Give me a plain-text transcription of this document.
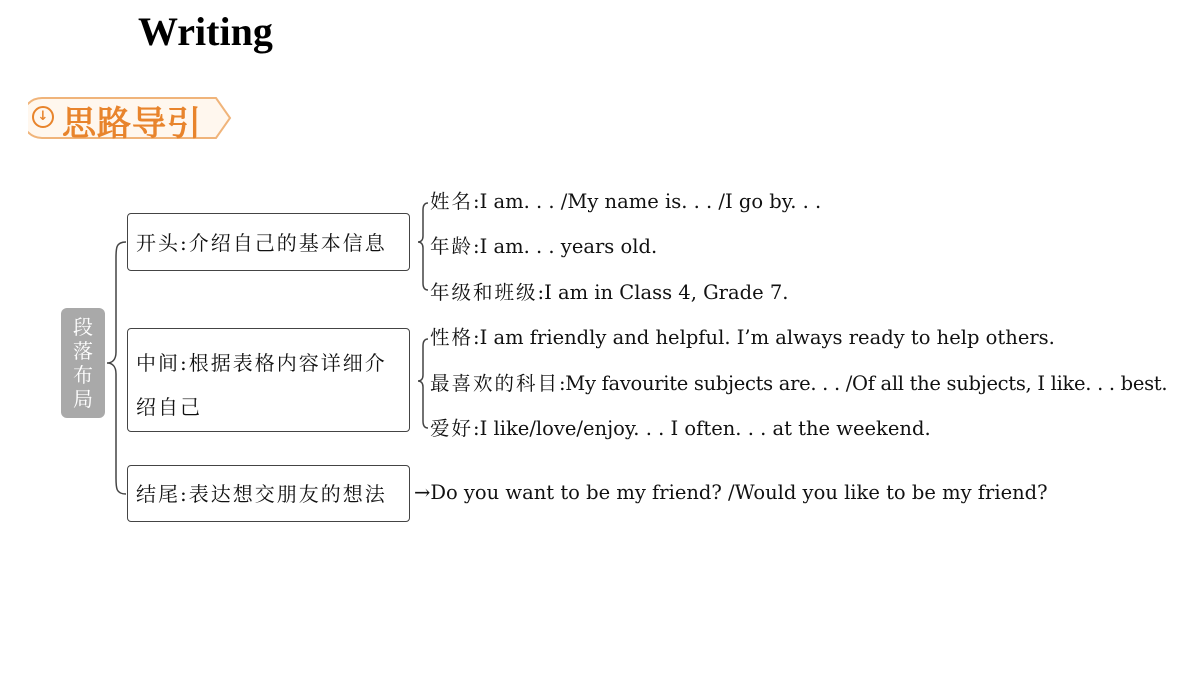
Writing
↓ 思路导引
段
落
布
局
开头:介绍自己的基本信息
中间:根据表格内容详细介
绍自己
结尾:表达想交朋友的想法
姓名:I am. . . /My name is. . . /I go by. . .
年龄:I am. . . years old.
年级和班级:I am in Class 4, Grade 7.
性格:I am friendly and helpful. I’m always ready to help others.
最喜欢的科目:My favourite subjects are. . . /Of all the subjects, I like. . . best.
爱好:I like/love/enjoy. . . I often. . . at the weekend.
→Do you want to be my friend? /Would you like to be my friend?
